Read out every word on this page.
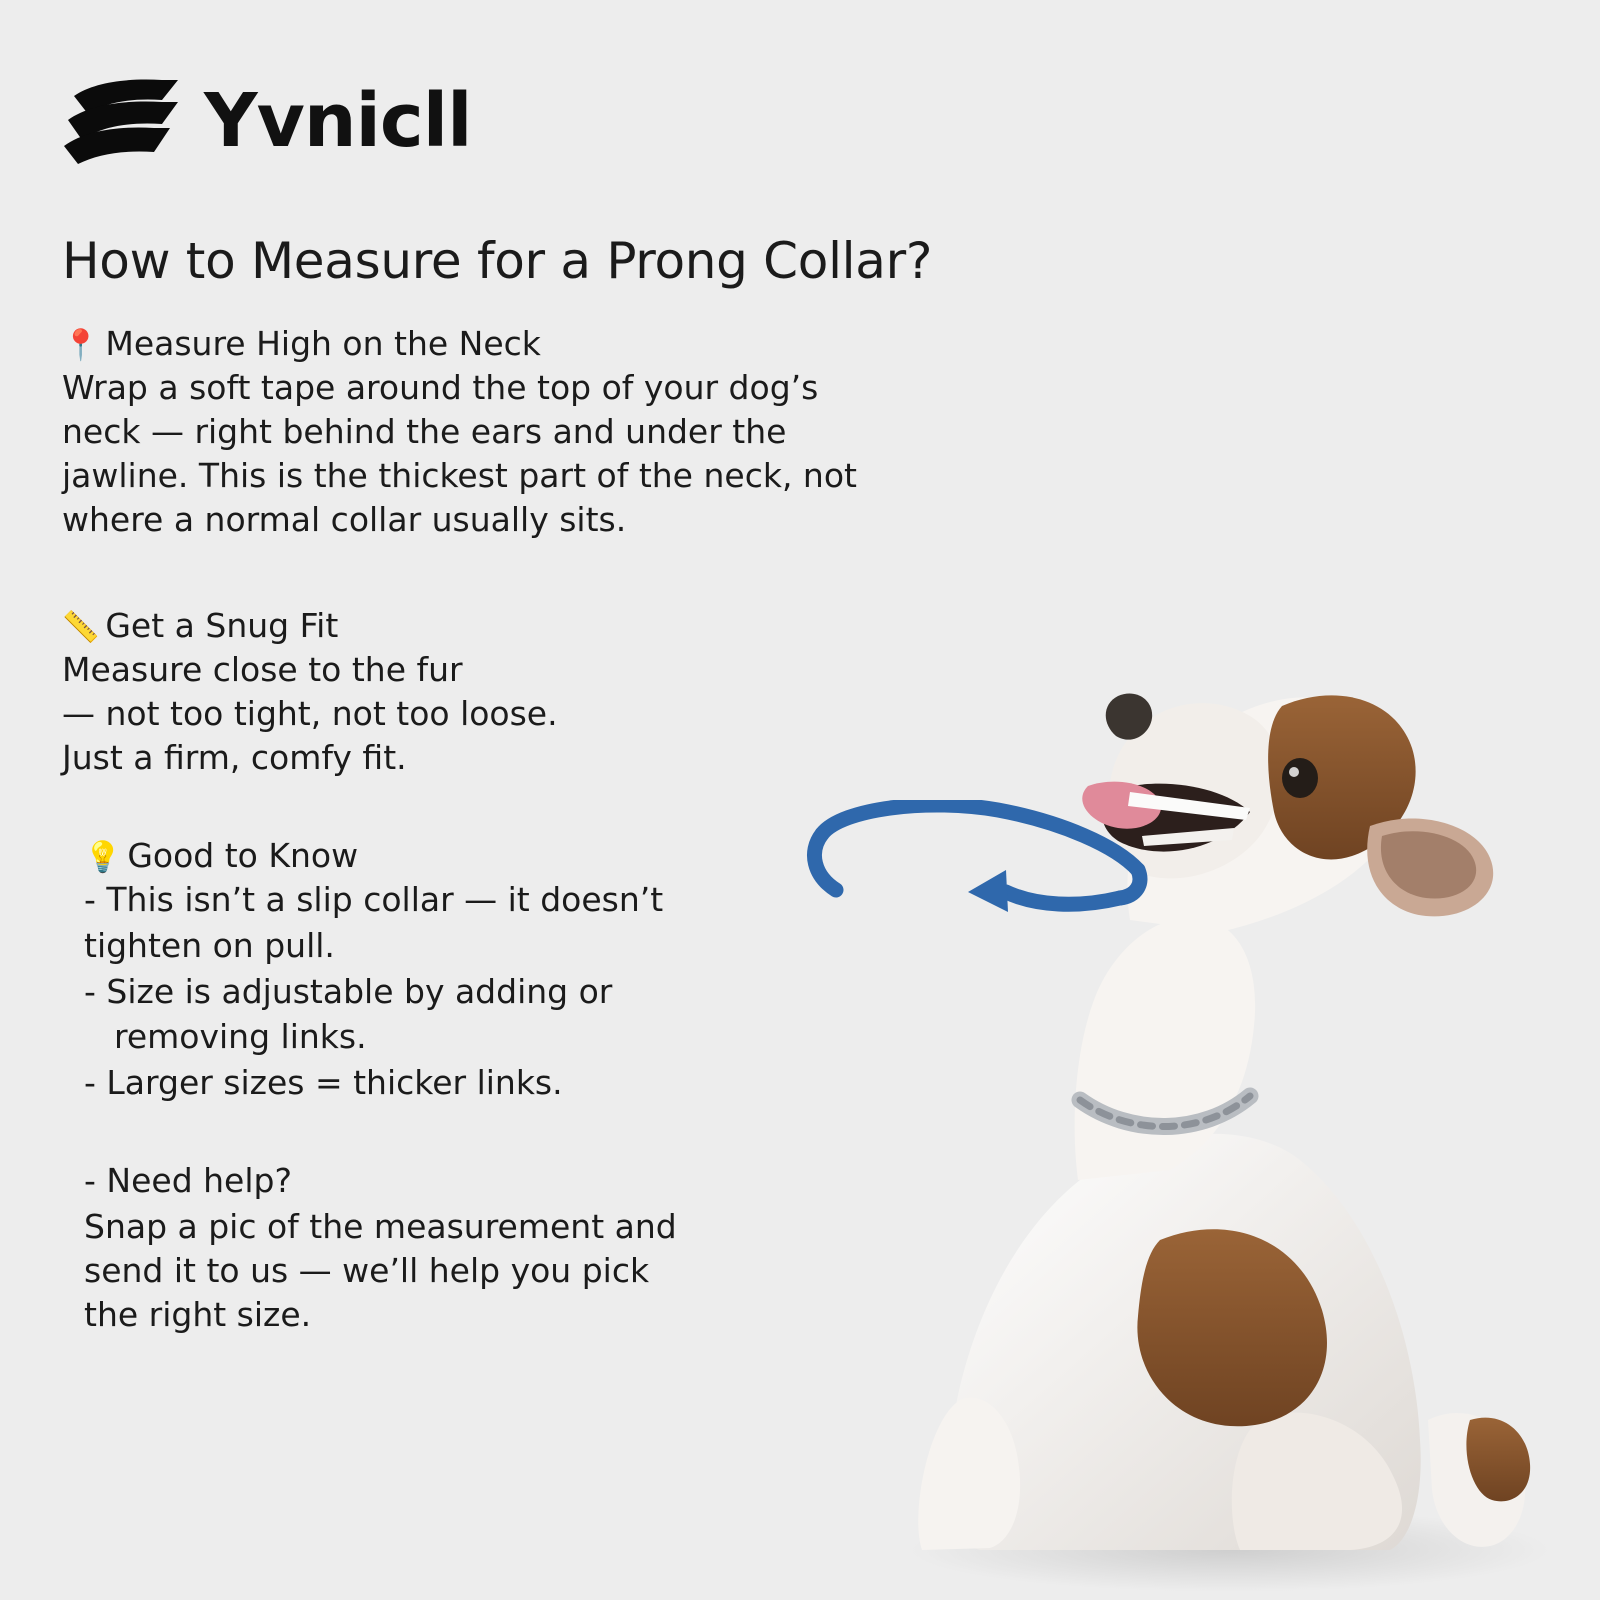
Yvnicll
How to Measure for a Prong Collar?
📍 Measure High on the Neck
Wrap a soft tape around the top of your dog’s neck — right behind the ears and under the jawline. This is the thickest part of the neck, not where a normal collar usually sits.
📏 Get a Snug Fit
Measure close to the fur
— not too tight, not too loose.
Just a firm, comfy fit.
💡 Good to Know
- This isn’t a slip collar — it doesn’t
tighten on pull.
- Size is adjustable by adding or
removing links.
- Larger sizes = thicker links.
- Need help?
Snap a pic of the measurement and
send it to us — we’ll help you pick
the right size.
